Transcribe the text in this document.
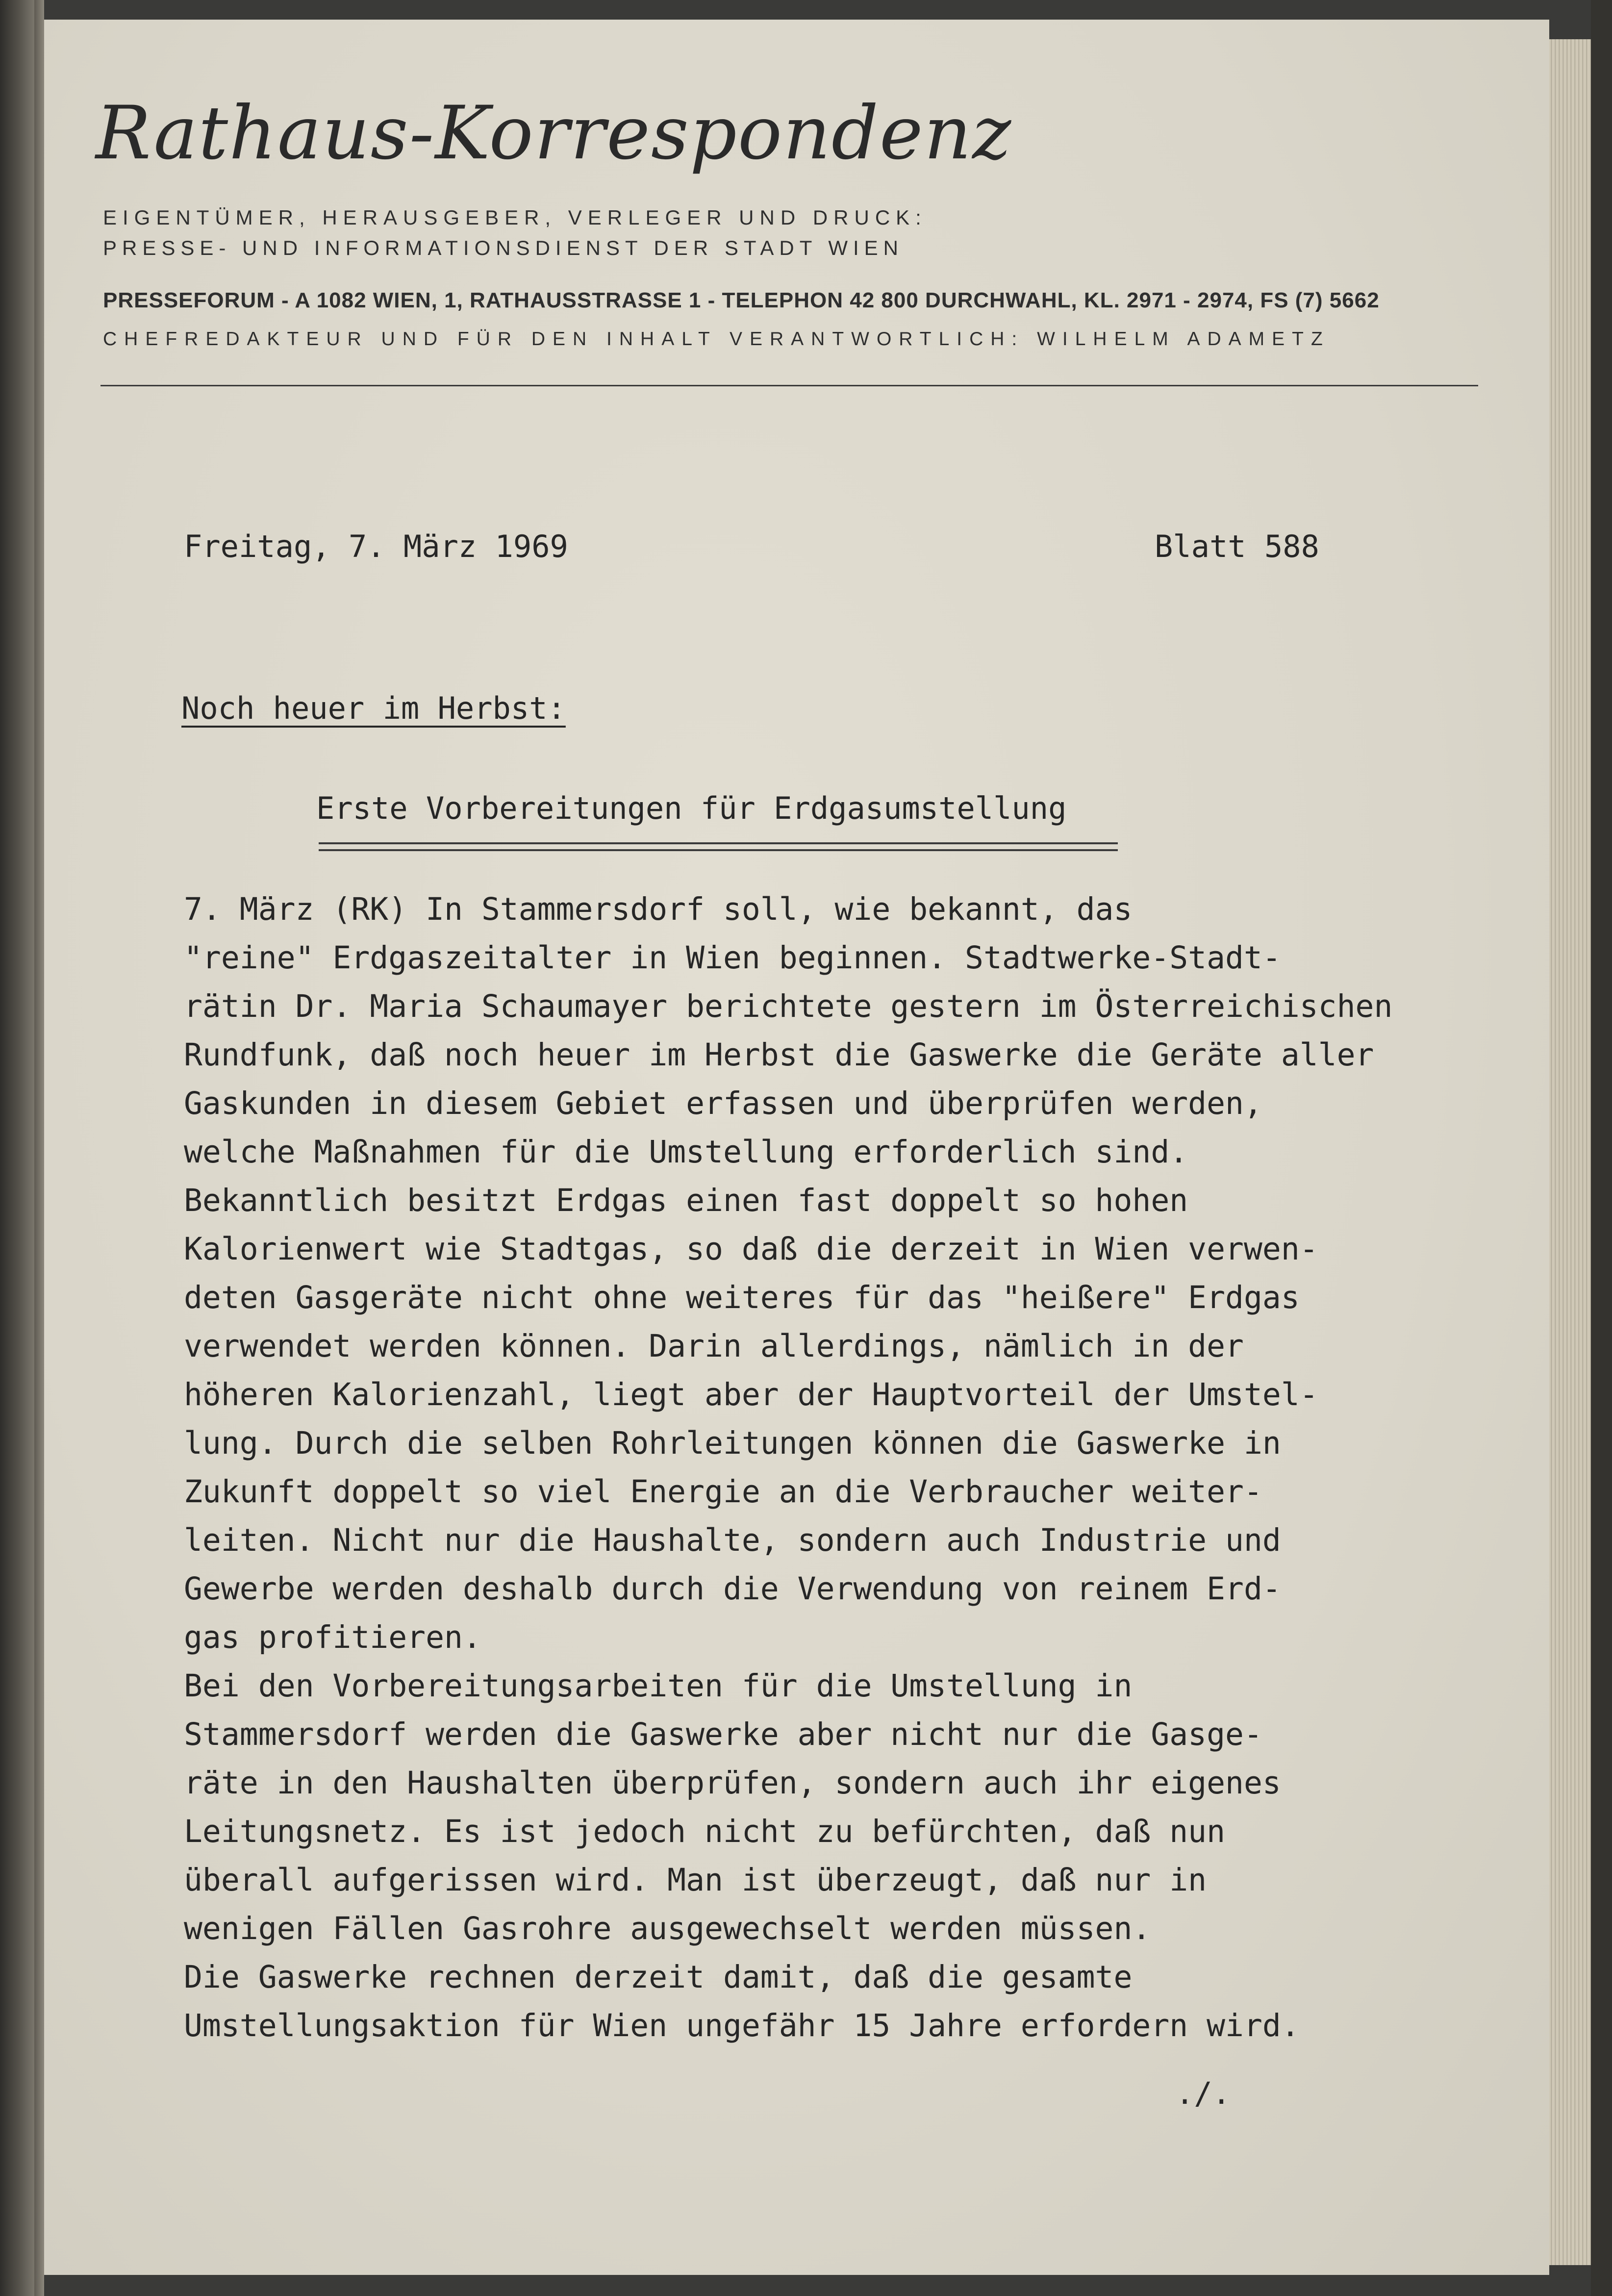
Rathaus-Korrespondenz

EIGENTÜMER, HERAUSGEBER, VERLEGER UND DRUCK:

PRESSE- UND INFORMATIONSDIENST DER STADT WIEN

PRESSEFORUM - A 1082 WIEN, 1, RATHAUSSTRASSE 1 - TELEPHON 42 800 DURCHWAHL, KL. 2971 - 2974, FS (7) 5662

CHEFREDAKTEUR UND FÜR DEN INHALT VERANTWORTLICH: WILHELM ADAMETZ

Freitag, 7. März 1969	Blatt 588

Noch heuer im Herbst:

Erste Vorbereitungen für Erdgasumstellung

7. März (RK) In Stammersdorf soll, wie bekannt, das

"reine" Erdgaszeitalter in Wien beginnen. Stadtwerke-Stadt-

rätin Dr. Maria Schaumayer berichtete gestern im Österreichischen

Rundfunk, daß noch heuer im Herbst die Gaswerke die Geräte aller

Gaskunden in diesem Gebiet erfassen und überprüfen werden,

welche Maßnahmen für die Umstellung erforderlich sind.

Bekanntlich besitzt Erdgas einen fast doppelt so hohen

Kalorienwert wie Stadtgas, so daß die derzeit in Wien verwen-

deten Gasgeräte nicht ohne weiteres für das "heißere" Erdgas

verwendet werden können. Darin allerdings, nämlich in der

höheren Kalorienzahl, liegt aber der Hauptvorteil der Umstel-

lung. Durch die selben Rohrleitungen können die Gaswerke in

Zukunft doppelt so viel Energie an die Verbraucher weiter-

leiten. Nicht nur die Haushalte, sondern auch Industrie und

Gewerbe werden deshalb durch die Verwendung von reinem Erd-

gas profitieren.

Bei den Vorbereitungsarbeiten für die Umstellung in

Stammersdorf werden die Gaswerke aber nicht nur die Gasge-

räte in den Haushalten überprüfen, sondern auch ihr eigenes

Leitungsnetz. Es ist jedoch nicht zu befürchten, daß nun

überall aufgerissen wird. Man ist überzeugt, daß nur in

wenigen Fällen Gasrohre ausgewechselt werden müssen.

Die Gaswerke rechnen derzeit damit, daß die gesamte

Umstellungsaktion für Wien ungefähr 15 Jahre erfordern wird.

./.
